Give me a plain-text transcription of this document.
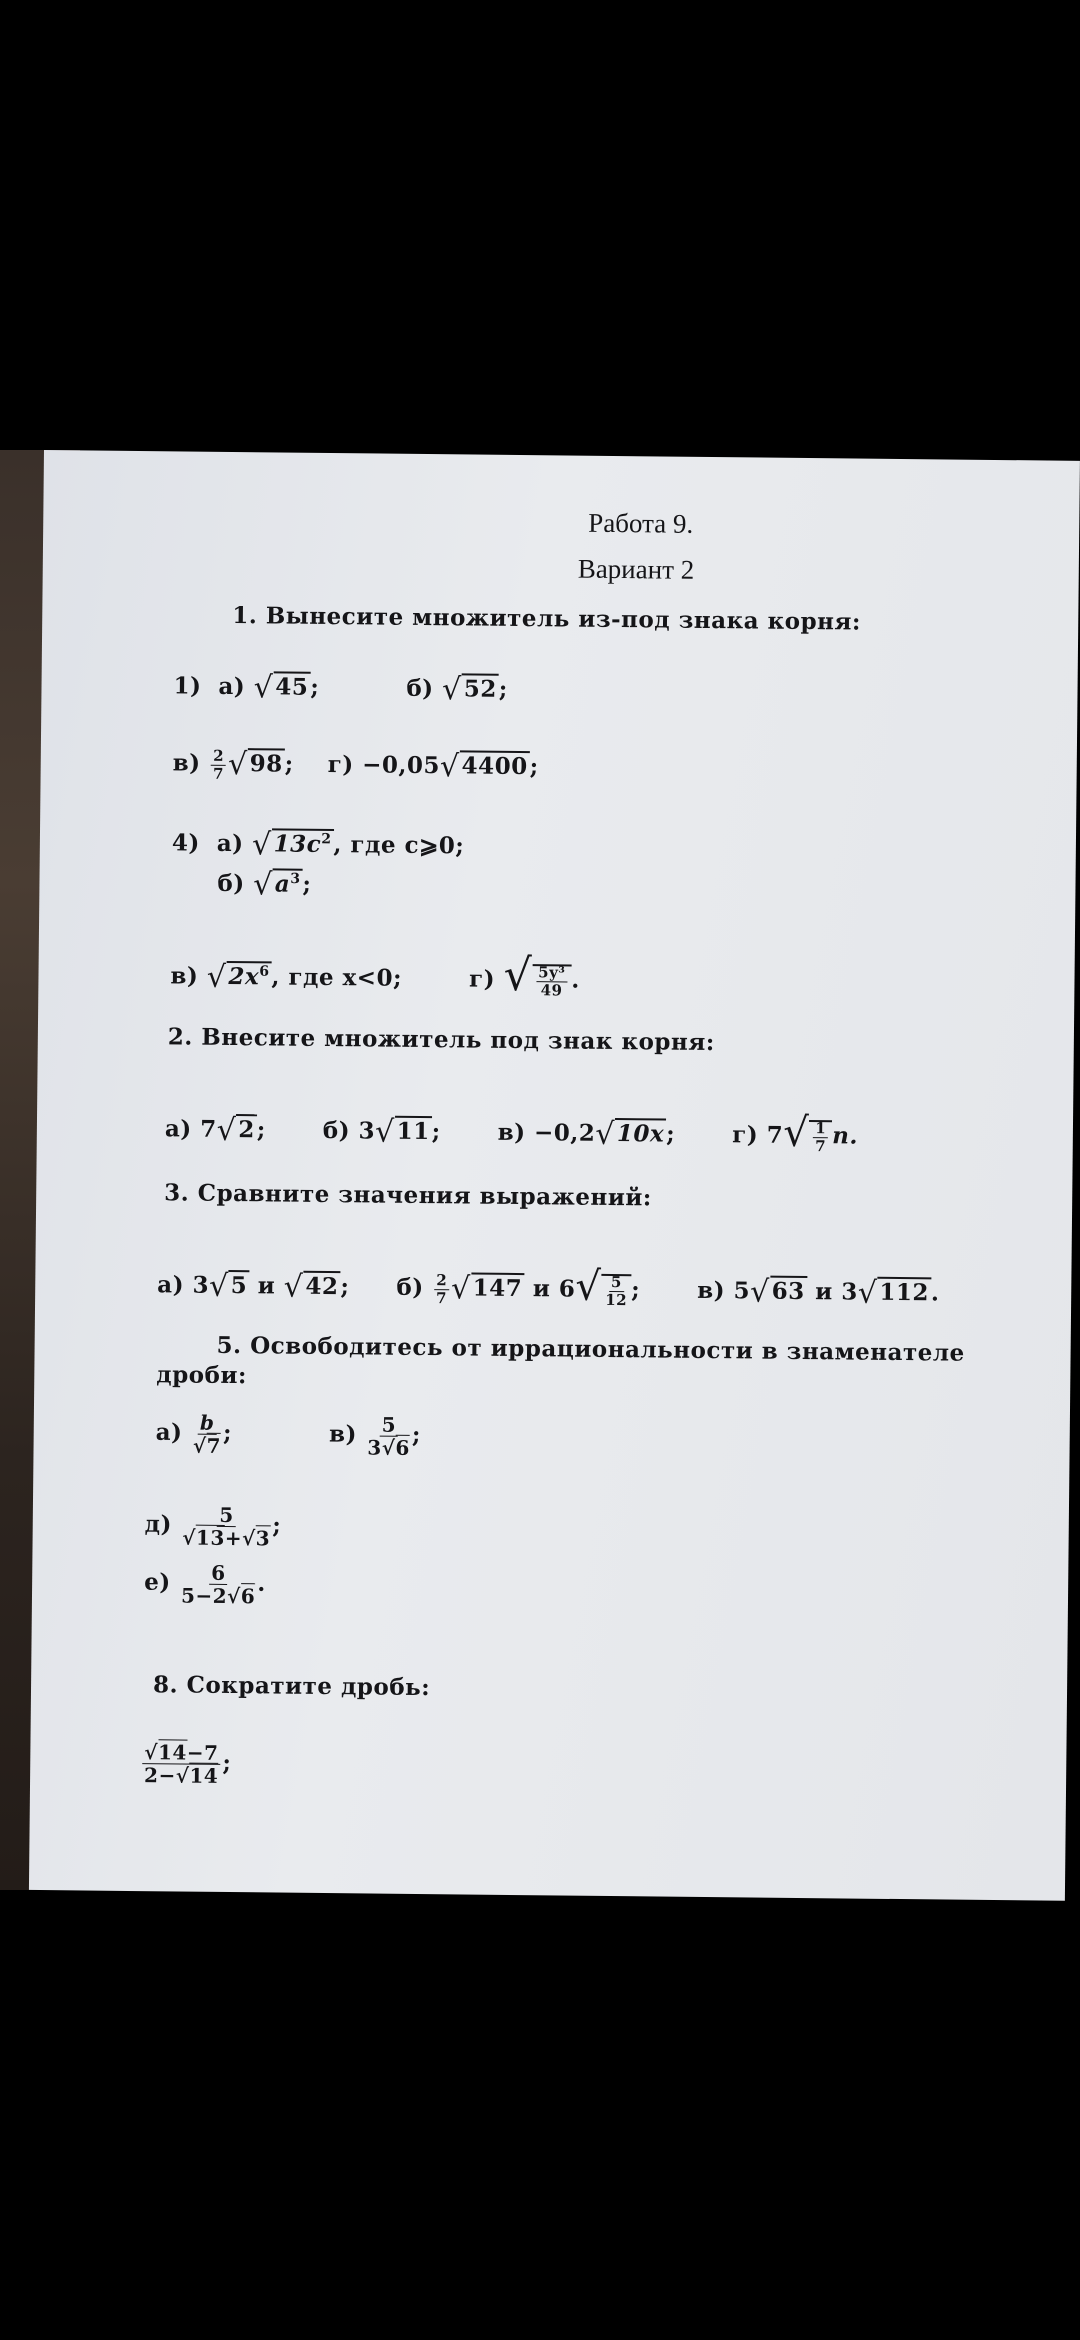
Работа 9.
Вариант 2
1. Вынесите множитель из-под знака корня:
1) а) √45;	б) √52;
$в) \frac{2}{7} √98$;    г) −0,05√4400;
4) а) $√13c^2$, где c⩾0;
б) $√a^3$;
в) $√2x^6$, где x<0;	г) √ $\frac{\text{5y³}}{49}$ .
2. Внесите множитель под знак корня:
а) 7√2;  б) 3√11;  в) −0,2√10x;  г) $7√ \frac{1}{7} n$.
3. Сравните значения выражений:
а) 3√5 и √42;  $б) \frac{2}{7} √147$ и $6√ \frac{5}{12}$ ;  в) 5√63 и 3√112.
5. Освободитесь от иррациональности в знаменателе
дроби:
$а) \frac{b}{√7}$ ;	$в) \frac{5}{3√6}$ ;
$д) \frac{5}{√13+√3}$ ;
$е) \frac{6}{5-2√6}$ .
8. Сократите дробь:
$\frac{√14-7}{2-√14}$ ;
